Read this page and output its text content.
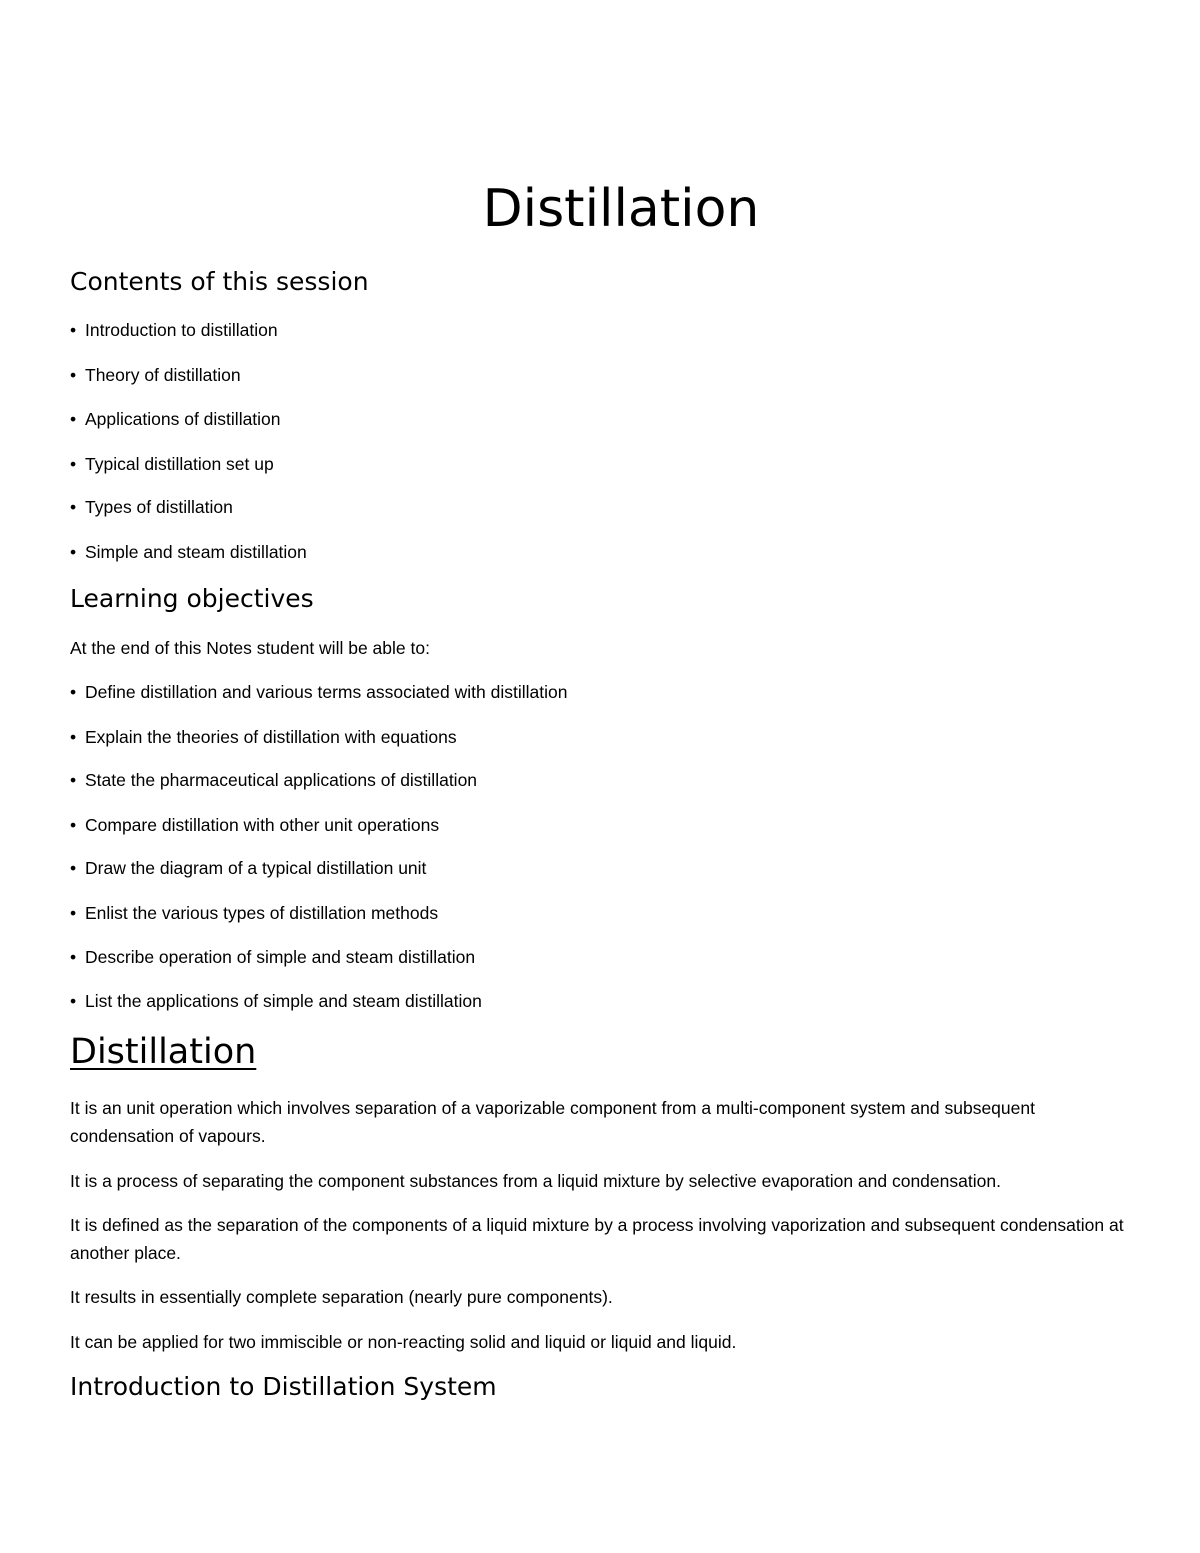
Distillation
Contents of this session

• Introduction to distillation

• Theory of distillation

• Applications of distillation

• Typical distillation set up

• Types of distillation

• Simple and steam distillation

Learning objectives

At the end of this Notes student will be able to:

• Define distillation and various terms associated with distillation

• Explain the theories of distillation with equations

• State the pharmaceutical applications of distillation

• Compare distillation with other unit operations

• Draw the diagram of a typical distillation unit

• Enlist the various types of distillation methods

• Describe operation of simple and steam distillation

• List the applications of simple and steam distillation

Distillation

It is an unit operation which involves separation of a vaporizable component from a multi-component system and subsequent condensation of vapours.

It is a process of separating the component substances from a liquid mixture by selective evaporation and condensation.

It is defined as the separation of the components of a liquid mixture by a process involving vaporization and subsequent condensation at another place.

It results in essentially complete separation (nearly pure components).

It can be applied for two immiscible or non-reacting solid and liquid or liquid and liquid.

Introduction to Distillation System
